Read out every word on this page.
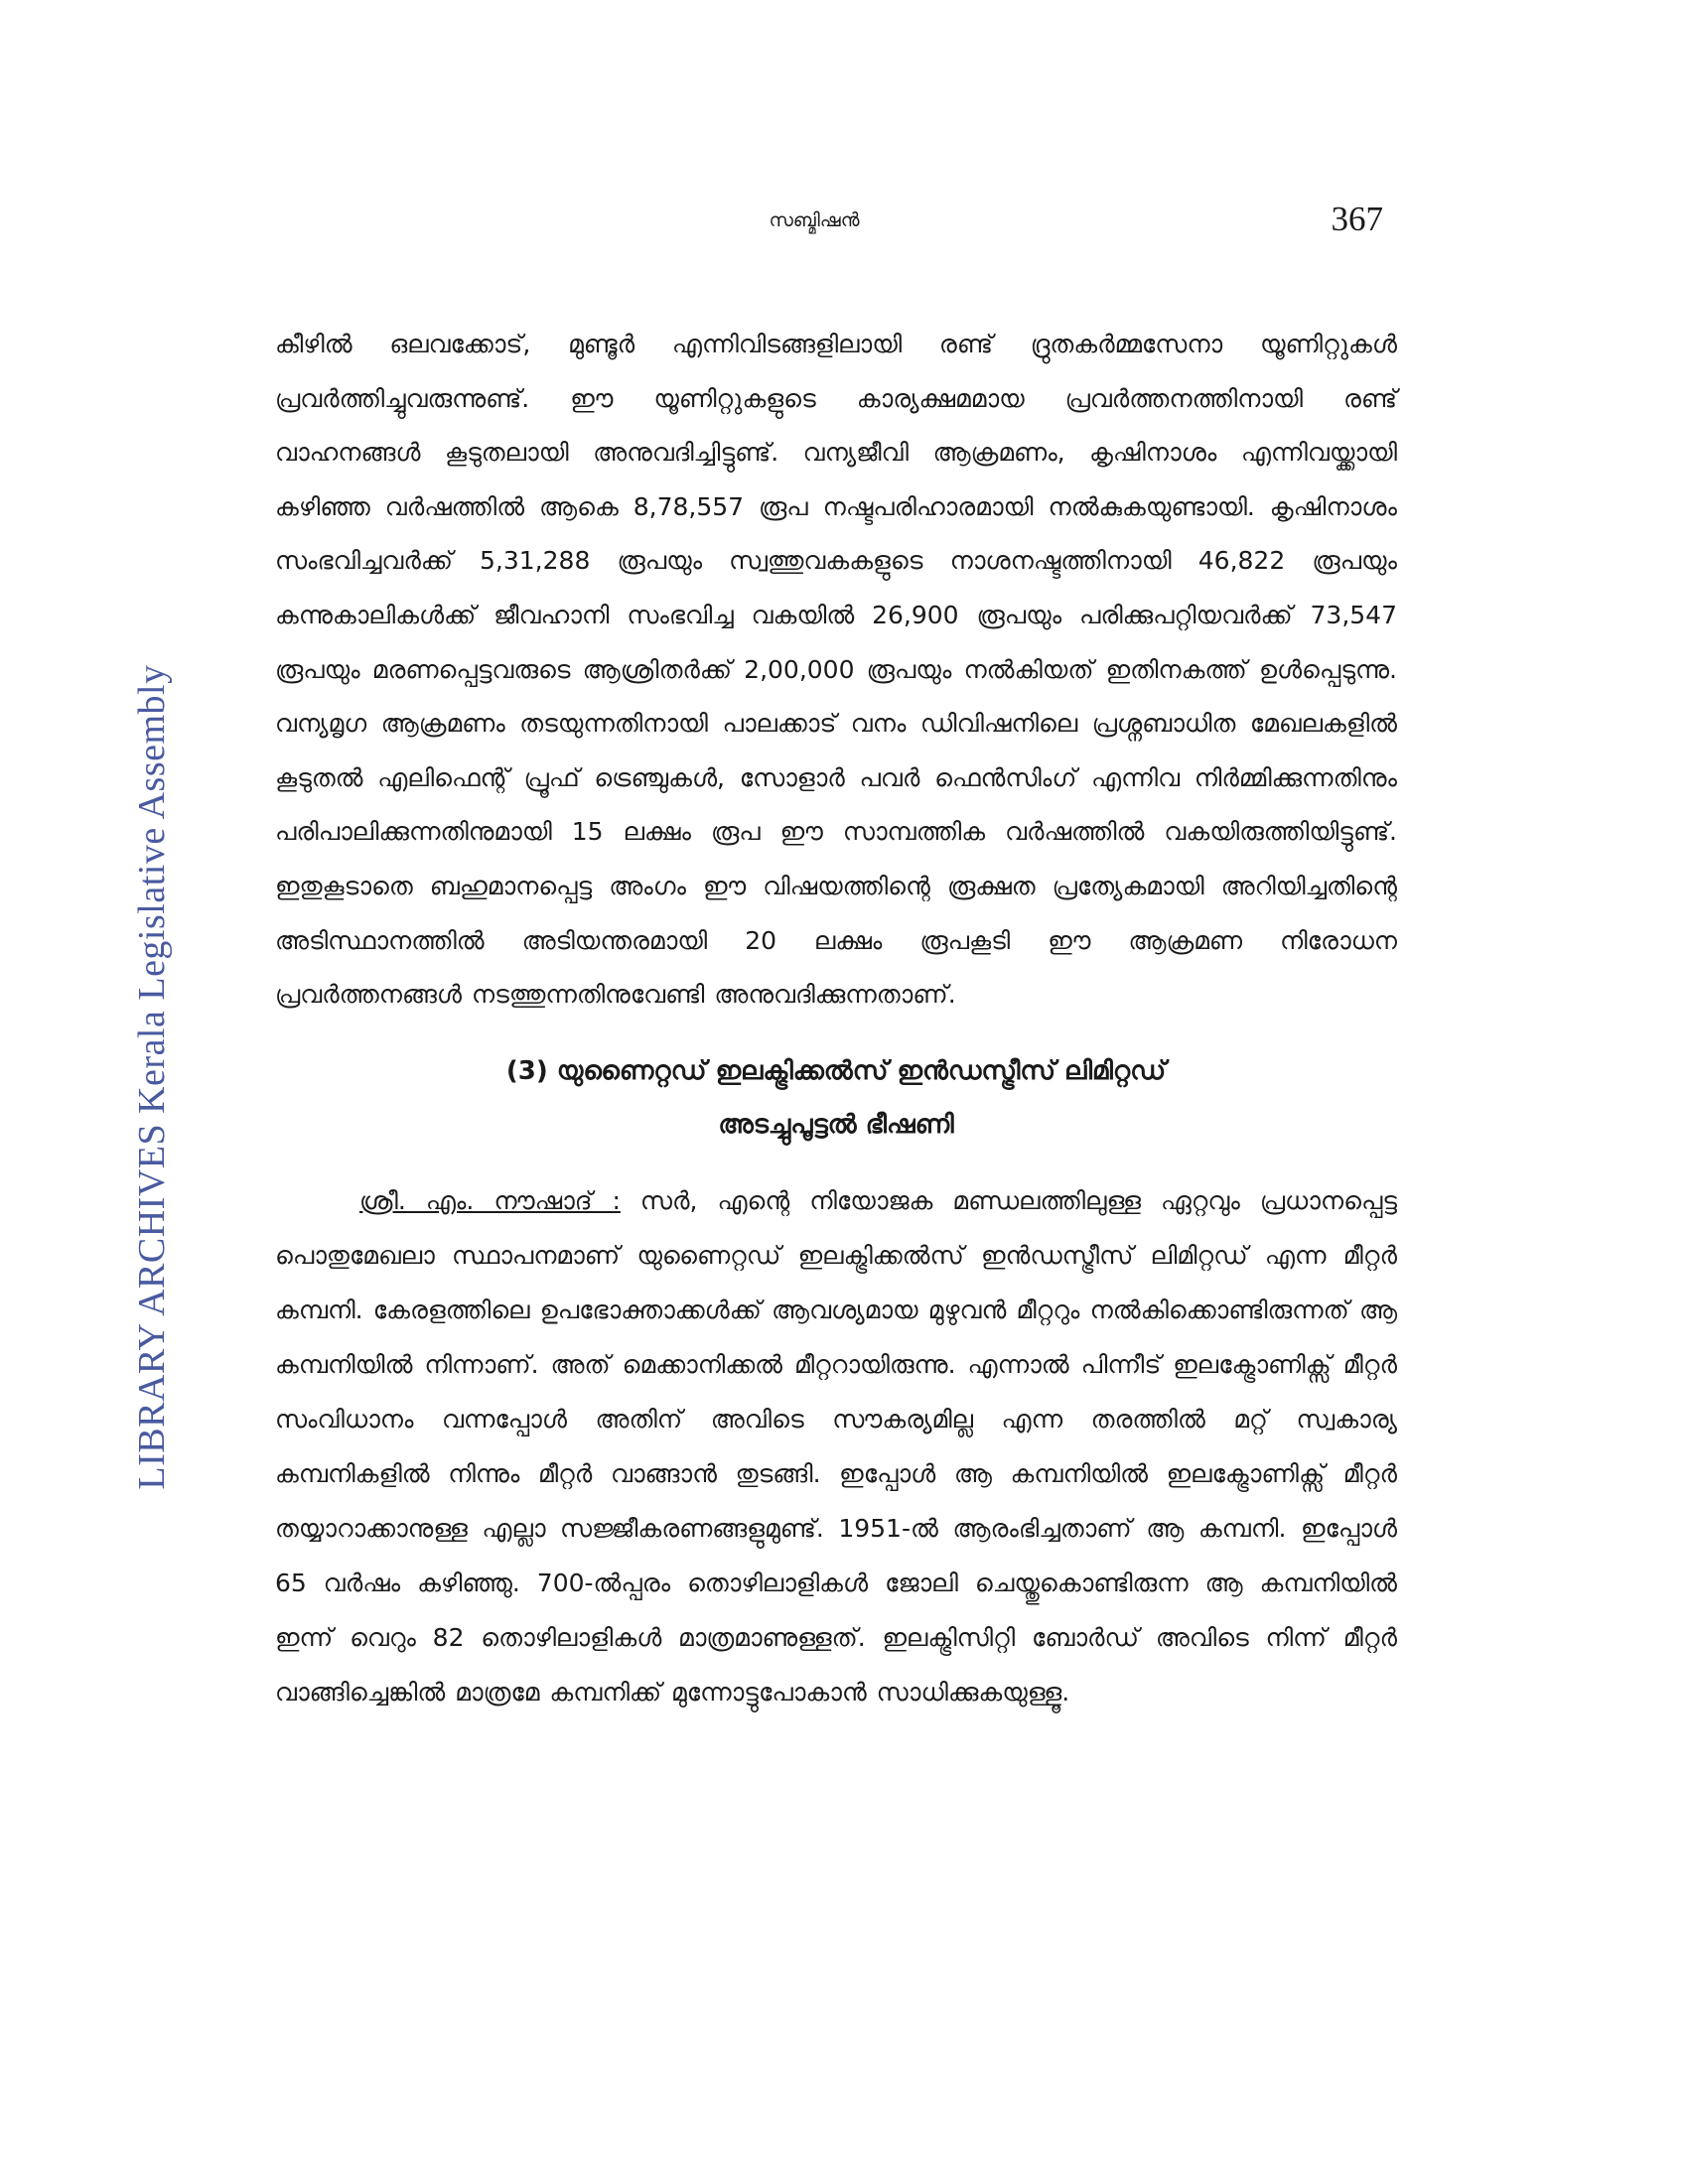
LIBRARY ARCHIVES Kerala Legislative Assembly
സബ്മിഷൻ	367

കീഴിൽ ഒലവക്കോട്, മുണ്ടൂർ എന്നിവിടങ്ങളിലായി രണ്ട് ദ്രുതകർമ്മസേനാ യൂണിറ്റുകൾ പ്രവർത്തിച്ചുവരുന്നുണ്ട്. ഈ യൂണിറ്റുകളുടെ കാര്യക്ഷമമായ പ്രവർത്തനത്തിനായി രണ്ട് വാഹനങ്ങൾ കൂടുതലായി അനുവദിച്ചിട്ടുണ്ട്. വന്യജീവി ആക്രമണം, കൃഷിനാശം എന്നിവയ്ക്കായി കഴിഞ്ഞ വർഷത്തിൽ ആകെ 8,78,557 രൂപ നഷ്ടപരിഹാരമായി നൽകുകയുണ്ടായി. കൃഷിനാശം സംഭവിച്ചവർക്ക് 5,31,288 രൂപയും സ്വത്തുവകകളുടെ നാശനഷ്ടത്തിനായി 46,822 രൂപയും കന്നുകാലികൾക്ക് ജീവഹാനി സംഭവിച്ച വകയിൽ 26,900 രൂപയും പരിക്കുപറ്റിയവർക്ക് 73,547 രൂപയും മരണപ്പെട്ടവരുടെ ആശ്രിതർക്ക് 2,00,000 രൂപയും നൽകിയത് ഇതിനകത്ത് ഉൾപ്പെടുന്നു. വന്യമൃഗ ആക്രമണം തടയുന്നതിനായി പാലക്കാട് വനം ഡിവിഷനിലെ പ്രശ്നബാധിത മേഖലകളിൽ കൂടുതൽ എലിഫെന്റ് പ്രൂഫ് ട്രെഞ്ചുകൾ, സോളാർ പവർ ഫെൻസിംഗ് എന്നിവ നിർമ്മിക്കുന്നതിനും പരിപാലിക്കുന്നതിനുമായി 15 ലക്ഷം രൂപ ഈ സാമ്പത്തിക വർഷത്തിൽ വകയിരുത്തിയിട്ടുണ്ട്. ഇതുകൂടാതെ ബഹുമാനപ്പെട്ട അംഗം ഈ വിഷയത്തിന്റെ രൂക്ഷത പ്രത്യേകമായി അറിയിച്ചതിന്റെ അടിസ്ഥാനത്തിൽ അടിയന്തരമായി 20 ലക്ഷം രൂപകൂടി ഈ ആക്രമണ നിരോധന പ്രവർത്തനങ്ങൾ നടത്തുന്നതിനുവേണ്ടി അനുവദിക്കുന്നതാണ്.

(3) യുണൈറ്റഡ് ഇലക്ട്രിക്കൽസ് ഇൻഡസ്ട്രീസ് ലിമിറ്റഡ്
അടച്ചുപൂട്ടൽ ഭീഷണി

ശ്രീ. എം. നൗഷാദ് : സർ, എന്റെ നിയോജക മണ്ഡലത്തിലുള്ള ഏറ്റവും പ്രധാനപ്പെട്ട പൊതുമേഖലാ സ്ഥാപനമാണ് യുണൈറ്റഡ് ഇലക്ട്രിക്കൽസ് ഇൻഡസ്ട്രീസ് ലിമിറ്റഡ് എന്ന മീറ്റർ കമ്പനി. കേരളത്തിലെ ഉപഭോക്താക്കൾക്ക് ആവശ്യമായ മുഴുവൻ മീറ്ററും നൽകിക്കൊണ്ടിരുന്നത് ആ കമ്പനിയിൽ നിന്നാണ്. അത് മെക്കാനിക്കൽ മീറ്ററായിരുന്നു. എന്നാൽ പിന്നീട് ഇലക്ട്രോണിക്സ് മീറ്റർ സംവിധാനം വന്നപ്പോൾ അതിന് അവിടെ സൗകര്യമില്ല എന്ന തരത്തിൽ മറ്റ് സ്വകാര്യ കമ്പനികളിൽ നിന്നും മീറ്റർ വാങ്ങാൻ തുടങ്ങി. ഇപ്പോൾ ആ കമ്പനിയിൽ ഇലക്ട്രോണിക്സ് മീറ്റർ തയ്യാറാക്കാനുള്ള എല്ലാ സജ്ജീകരണങ്ങളുമുണ്ട്. 1951-ൽ ആരംഭിച്ചതാണ് ആ കമ്പനി. ഇപ്പോൾ 65 വർഷം കഴിഞ്ഞു. 700-ൽപ്പരം തൊഴിലാളികൾ ജോലി ചെയ്തുകൊണ്ടിരുന്ന ആ കമ്പനിയിൽ ഇന്ന് വെറും 82 തൊഴിലാളികൾ മാത്രമാണുള്ളത്. ഇലക്ട്രിസിറ്റി ബോർഡ് അവിടെ നിന്ന് മീറ്റർ വാങ്ങിച്ചെങ്കിൽ മാത്രമേ കമ്പനിക്ക് മുന്നോട്ടുപോകാൻ സാധിക്കുകയുള്ളൂ.
